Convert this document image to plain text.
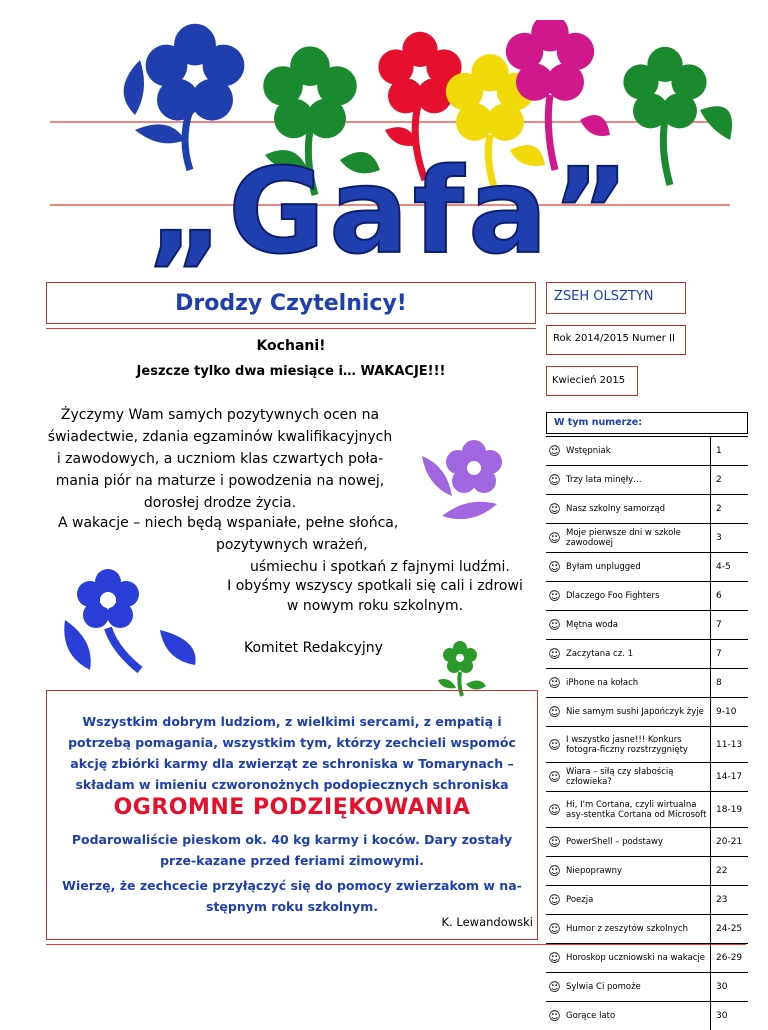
„Gafa”
Drodzy Czytelnicy!
Kochani!
Jeszcze tylko dwa miesiące i… WAKACJE!!!
Życzymy Wam samych pozytywnych ocen na
świadectwie, zdania egzaminów kwalifikacyjnych
i zawodowych, a uczniom klas czwartych poła-
mania piór na maturze i powodzenia na nowej,
dorosłej drodze życia.
A wakacje – niech będą wspaniałe, pełne słońca,
pozytywnych wrażeń,
uśmiechu i spotkań z fajnymi ludźmi.
I obyśmy wszyscy spotkali się cali i zdrowi
w nowym roku szkolnym.
Komitet Redakcyjny
ZSEH OLSZTYN
Rok 2014/2015 Numer II
Kwiecień 2015
W tym numerze:
☺	Wstępniak	1
☺	Trzy lata minęły…	2
☺	Nasz szkolny samorząd	2
☺	Moje pierwsze dni w szkole zawodowej	3
☺	Byłam unplugged	4-5
☺	Dlaczego Foo Fighters	6
☺	Mętna woda	7
☺	Zaczytana cz. 1	7
☺	iPhone na kołach	8
☺	Nie samym sushi Japończyk żyje	9-10
☺	I wszystko jasne!!! Konkurs fotogra-ficzny rozstrzygnięty	11-13
☺	Wiara – siłą czy słabością człowieka?	14-17
☺	Hi, I'm Cortana, czyli wirtualna asy-stentka Cortana od Microsoft	18-19
☺	PowerShell – podstawy	20-21
☺	Niepoprawny	22
☺	Poezja	23
☺	Humor z zeszytów szkolnych	24-25
☺	Horoskop uczniowski na wakacje	26-29
☺	Sylwia Ci pomoże	30
☺	Gorące lato	30

Wszystkim dobrym ludziom, z wielkimi sercami, z empatią i potrzebą pomagania, wszystkim tym, którzy zechcieli wspomóc akcję zbiórki karmy dla zwierząt ze schroniska w Tomarynach – składam w imieniu czworonożnych podopiecznych schroniska

OGROMNE PODZIĘKOWANIA

Podarowaliście pieskom ok. 40 kg karmy i koców. Dary zostały prze-kazane przed feriami zimowymi.

Wierzę, że zechcecie przyłączyć się do pomocy zwierzakom w na-stępnym roku szkolnym.

K. Lewandowski
